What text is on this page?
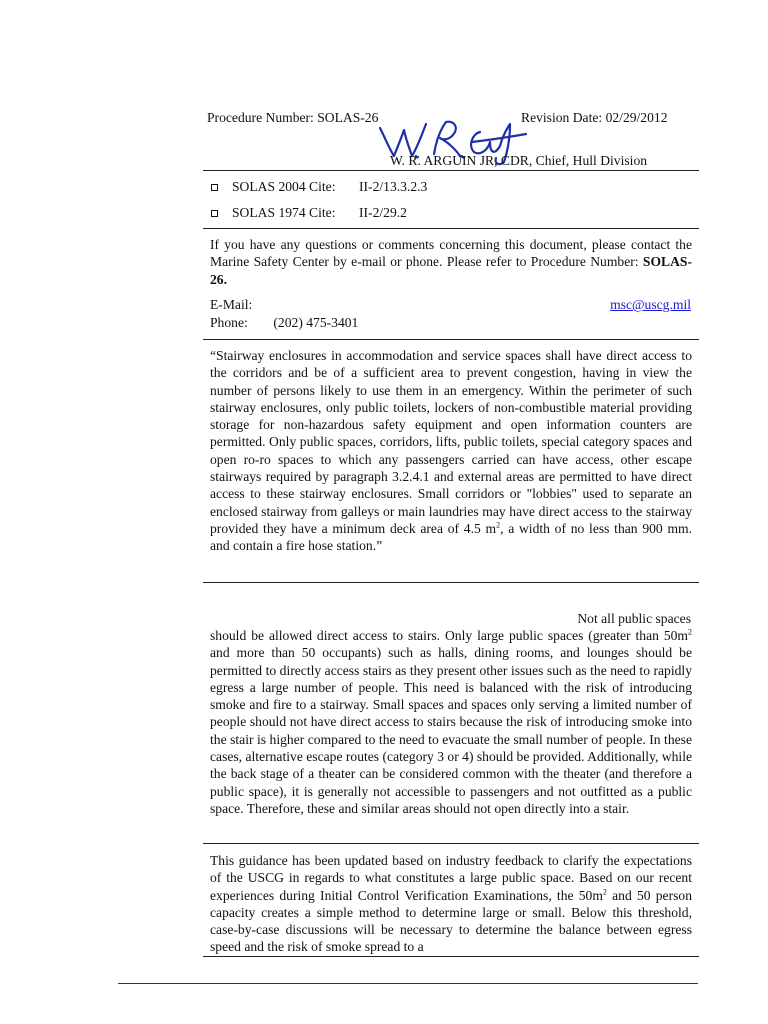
Procedure Number: SOLAS-26	Revision Date: 02/29/2012
W. R. ARGUIN JR, CDR, Chief, Hull Division
SOLAS 2004 Cite:	II-2/13.3.2.3
SOLAS 1974 Cite:	II-2/29.2
If you have any questions or comments concerning this document, please contact the Marine Safety Center by e-mail or phone. Please refer to Procedure Number: SOLAS-26.
E-Mail:	msc@uscg.mil
Phone: (202) 475-3401
“Stairway enclosures in accommodation and service spaces shall have direct access to the corridors and be of a sufficient area to prevent congestion, having in view the number of persons likely to use them in an emergency. Within the perimeter of such stairway enclosures, only public toilets, lockers of non-combustible material providing storage for non-hazardous safety equipment and open information counters are permitted. Only public spaces, corridors, lifts, public toilets, special category spaces and open ro-ro spaces to which any passengers carried can have access, other escape stairways required by paragraph 3.2.4.1 and external areas are permitted to have direct access to these stairway enclosures. Small corridors or "lobbies" used to separate an enclosed stairway from galleys or main laundries may have direct access to the stairway provided they have a minimum deck area of 4.5 $m^2$, a width of no less than 900 mm. and contain a fire hose station.”
Not all public spaces
should be allowed direct access to stairs. Only large public spaces (greater than $50m^2$ and more than 50 occupants) such as halls, dining rooms, and lounges should be permitted to directly access stairs as they present other issues such as the need to rapidly egress a large number of people. This need is balanced with the risk of introducing smoke and fire to a stairway. Small spaces and spaces only serving a limited number of people should not have direct access to stairs because the risk of introducing smoke into the stair is higher compared to the need to evacuate the small number of people. In these cases, alternative escape routes (category 3 or 4) should be provided. Additionally, while the back stage of a theater can be considered common with the theater (and therefore a public space), it is generally not accessible to passengers and not outfitted as a public space. Therefore, these and similar areas should not open directly into a stair.
This guidance has been updated based on industry feedback to clarify the expectations of the USCG in regards to what constitutes a large public space. Based on our recent experiences during Initial Control Verification Examinations, the $50m^2$ and 50 person capacity creates a simple method to determine large or small. Below this threshold, case-by-case discussions will be necessary to determine the balance between egress speed and the risk of smoke spread to a
